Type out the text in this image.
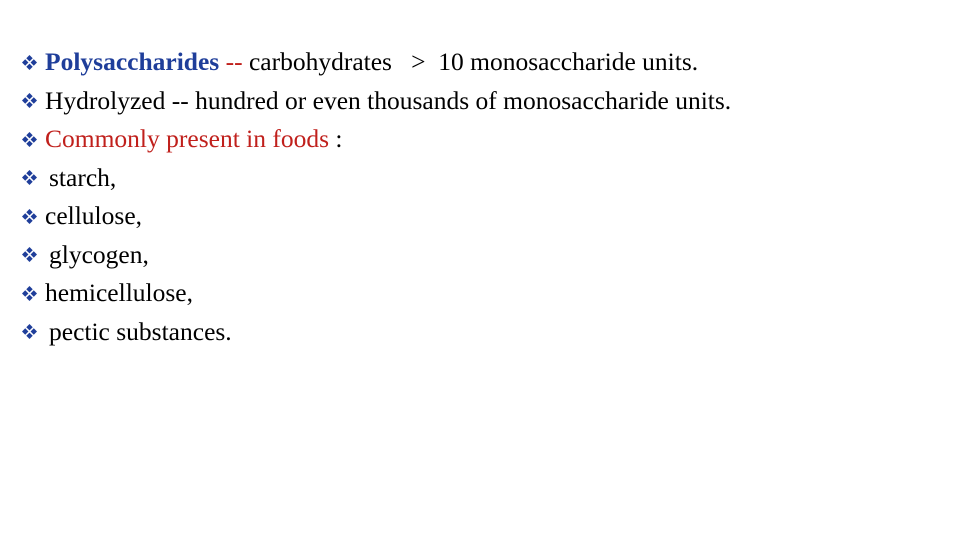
Polysaccharides -- carbohydrates   >  10 monosaccharide units.
Hydrolyzed -- hundred or even thousands of monosaccharide units.
Commonly present in foods :
starch,
cellulose,
glycogen,
hemicellulose,
pectic substances.
